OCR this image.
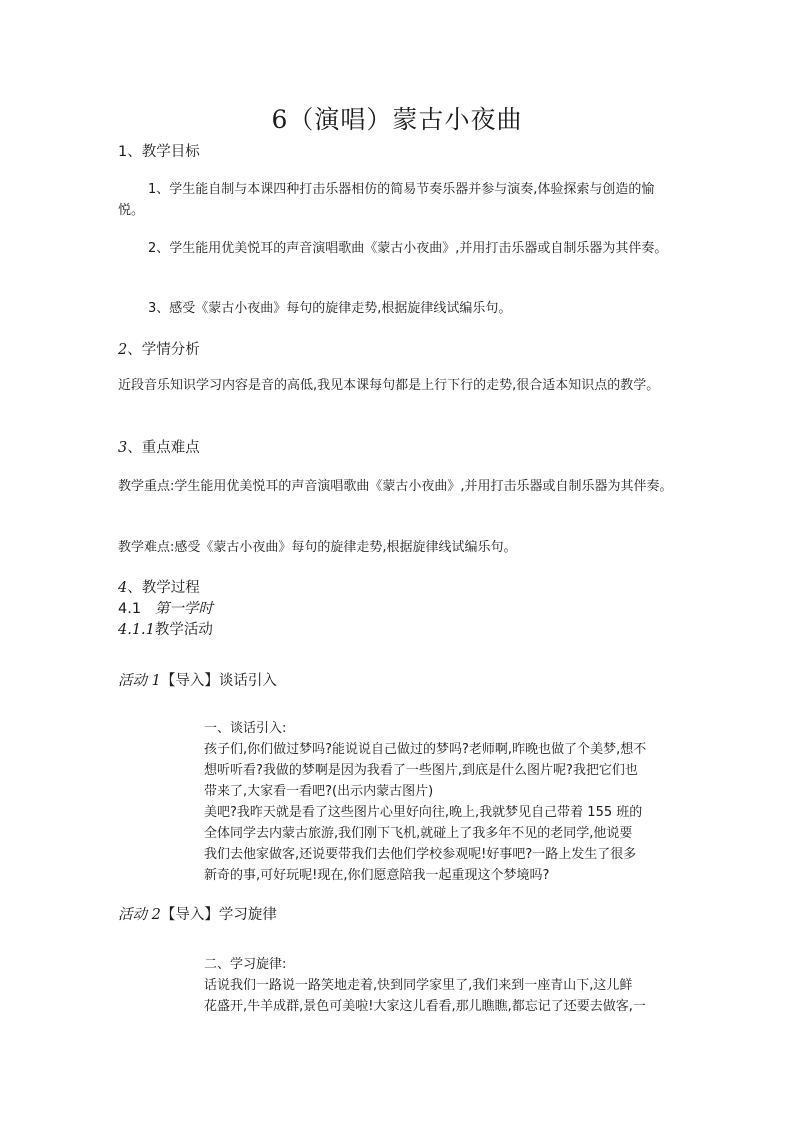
6（演唱）蒙古小夜曲
1、教学目标
1、学生能自制与本课四种打击乐器相仿的简易节奏乐器并参与演奏,体验探索与创造的愉悦。
2、学生能用优美悦耳的声音演唱歌曲《蒙古小夜曲》,并用打击乐器或自制乐器为其伴奏。
3、感受《蒙古小夜曲》每句的旋律走势,根据旋律线试编乐句。
2、学情分析
近段音乐知识学习内容是音的高低,我见本课每句都是上行下行的走势,很合适本知识点的教学。
3、重点难点
教学重点:学生能用优美悦耳的声音演唱歌曲《蒙古小夜曲》,并用打击乐器或自制乐器为其伴奏。
教学难点:感受《蒙古小夜曲》每句的旋律走势,根据旋律线试编乐句。
4、教学过程
4.1 第一学时
4.1.1教学活动
活动 1【导入】谈话引入
一、谈话引入:
孩子们,你们做过梦吗?能说说自己做过的梦吗?老师啊,昨晚也做了个美梦,想不
想听听看?我做的梦啊是因为我看了一些图片,到底是什么图片呢?我把它们也
带来了,大家看一看吧?(出示内蒙古图片)
美吧?我昨天就是看了这些图片心里好向往,晚上,我就梦见自己带着 155 班的
全体同学去内蒙古旅游,我们刚下飞机,就碰上了我多年不见的老同学,他说要
我们去他家做客,还说要带我们去他们学校参观呢!好事吧?一路上发生了很多
新奇的事,可好玩呢!现在,你们愿意陪我一起重现这个梦境吗?
活动 2【导入】学习旋律
二、学习旋律:
话说我们一路说一路笑地走着,快到同学家里了,我们来到一座青山下,这儿鲜
花盛开,牛羊成群,景色可美啦!大家这儿看看,那儿瞧瞧,都忘记了还要去做客,一
